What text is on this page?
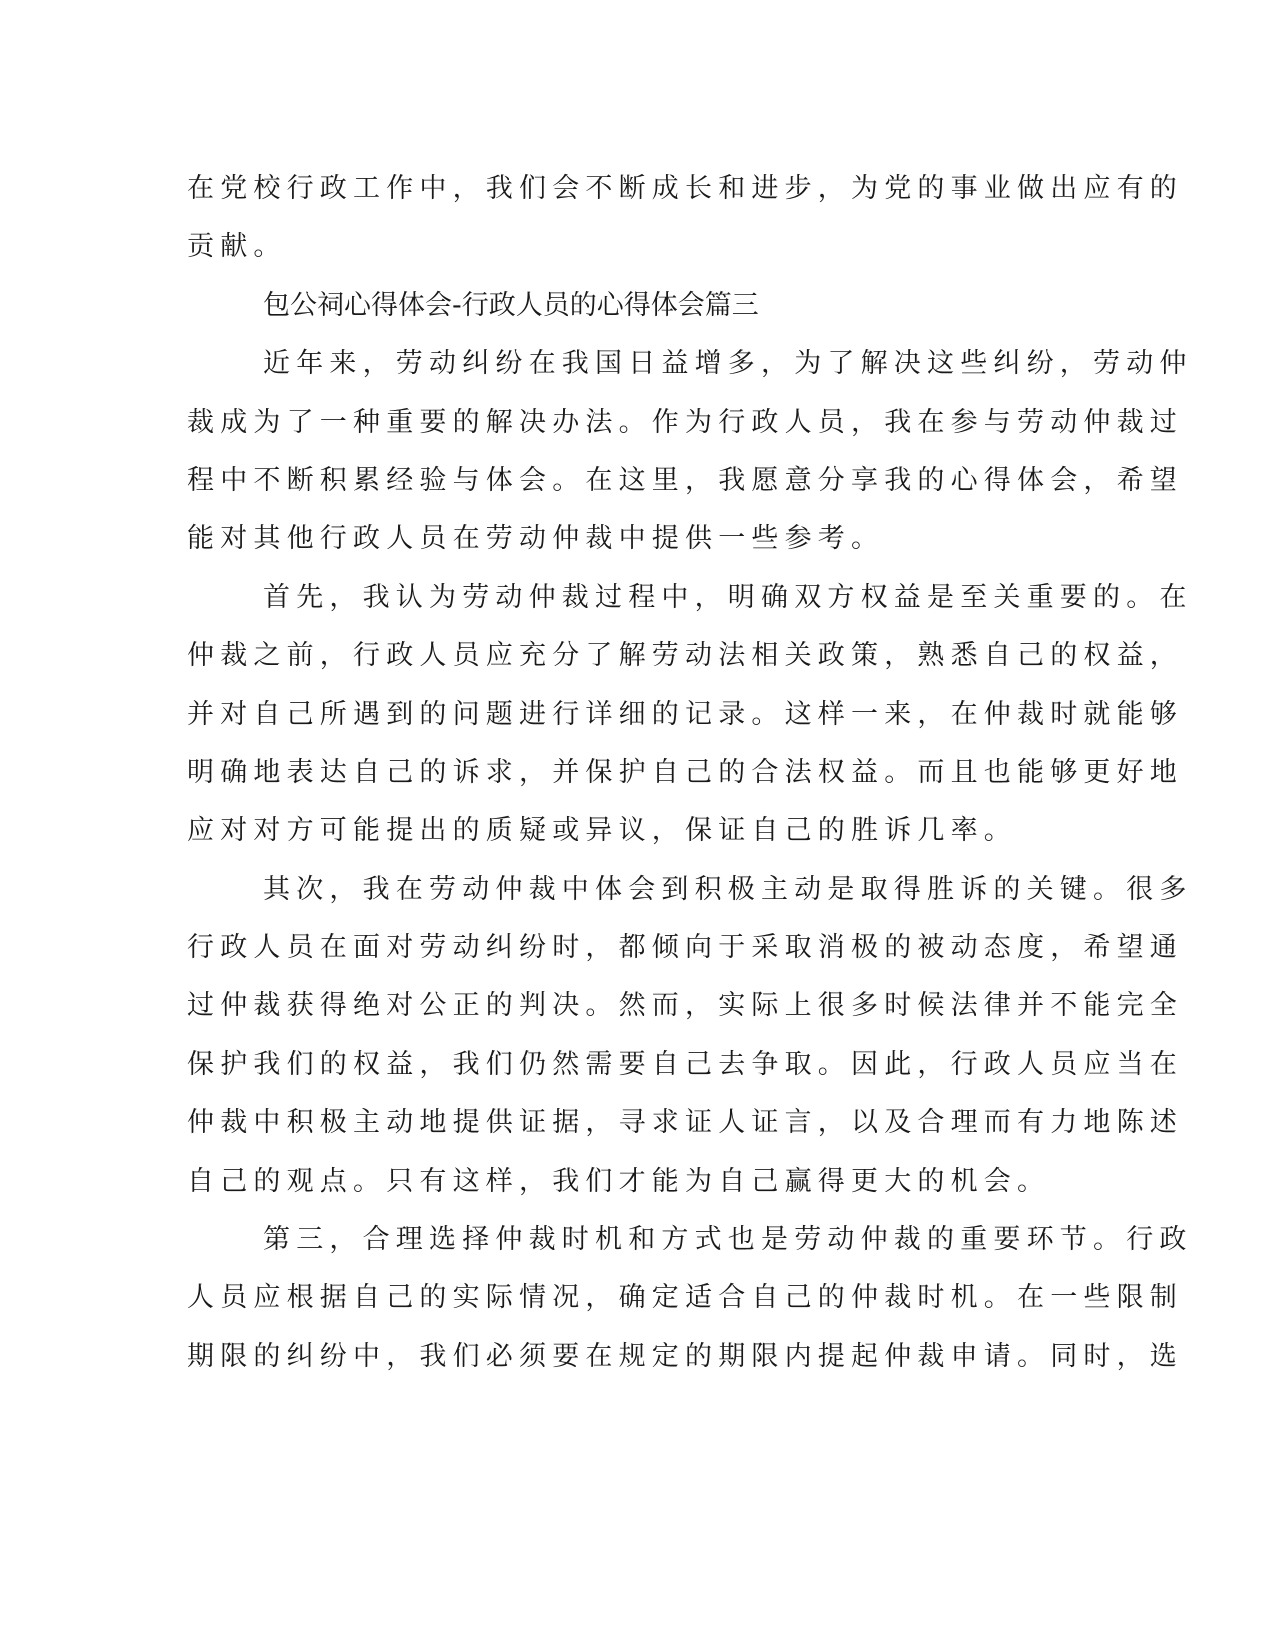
在党校行政工作中，我们会不断成长和进步，为党的事业做出应有的
贡献。
包公祠心得体会-行政人员的心得体会篇三
近年来，劳动纠纷在我国日益增多，为了解决这些纠纷，劳动仲
裁成为了一种重要的解决办法。作为行政人员，我在参与劳动仲裁过
程中不断积累经验与体会。在这里，我愿意分享我的心得体会，希望
能对其他行政人员在劳动仲裁中提供一些参考。
首先，我认为劳动仲裁过程中，明确双方权益是至关重要的。在
仲裁之前，行政人员应充分了解劳动法相关政策，熟悉自己的权益，
并对自己所遇到的问题进行详细的记录。这样一来，在仲裁时就能够
明确地表达自己的诉求，并保护自己的合法权益。而且也能够更好地
应对对方可能提出的质疑或异议，保证自己的胜诉几率。
其次，我在劳动仲裁中体会到积极主动是取得胜诉的关键。很多
行政人员在面对劳动纠纷时，都倾向于采取消极的被动态度，希望通
过仲裁获得绝对公正的判决。然而，实际上很多时候法律并不能完全
保护我们的权益，我们仍然需要自己去争取。因此，行政人员应当在
仲裁中积极主动地提供证据，寻求证人证言，以及合理而有力地陈述
自己的观点。只有这样，我们才能为自己赢得更大的机会。
第三，合理选择仲裁时机和方式也是劳动仲裁的重要环节。行政
人员应根据自己的实际情况，确定适合自己的仲裁时机。在一些限制
期限的纠纷中，我们必须要在规定的期限内提起仲裁申请。同时，选
